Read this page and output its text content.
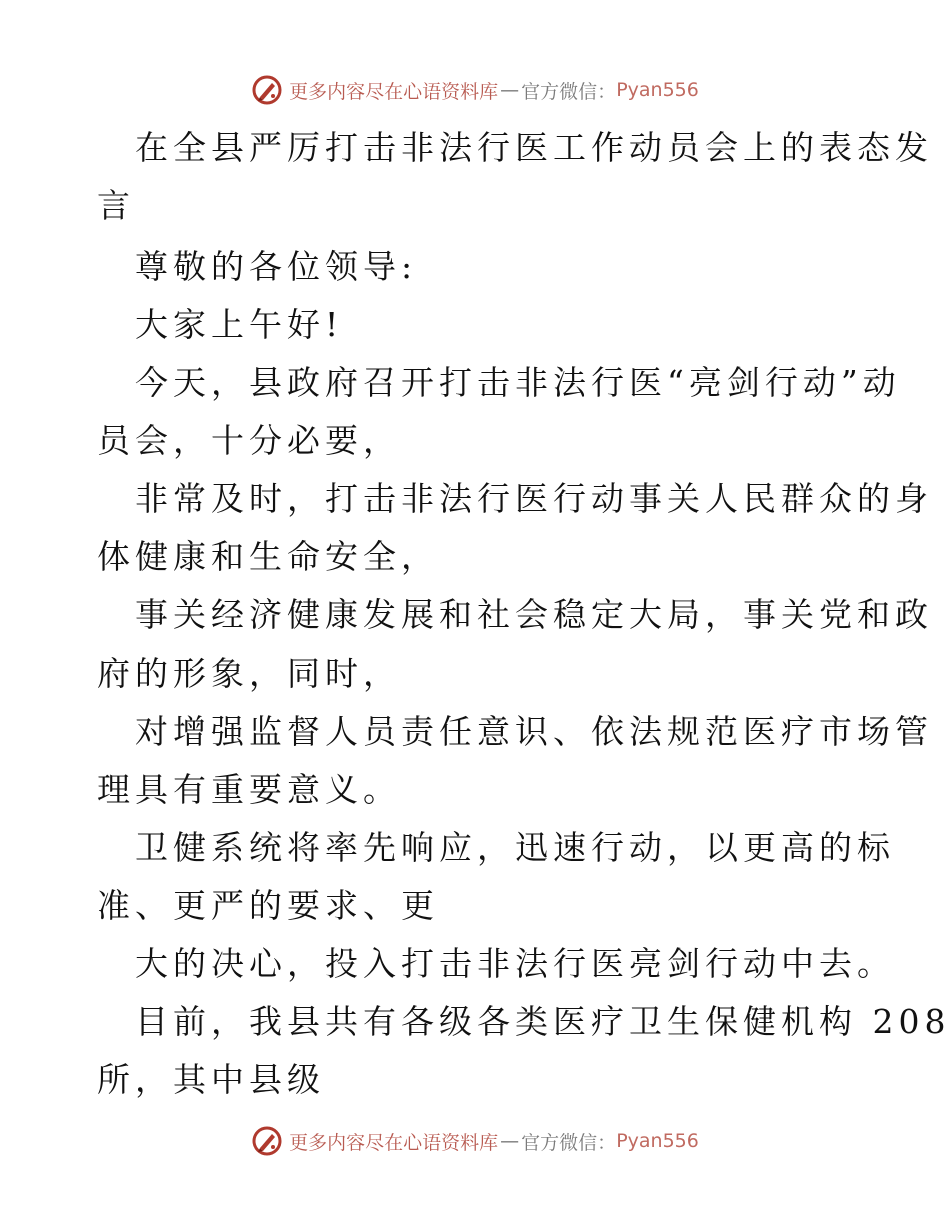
更多内容尽在心语资料库 — 官方微信： Pyan556
在全县严厉打击非法行医工作动员会上的表态发
言
尊敬的各位领导:
大家上午好!
今天，县政府召开打击非法行医“亮剑行动”动
员会，十分必要，
非常及时，打击非法行医行动事关人民群众的身
体健康和生命安全，
事关经济健康发展和社会稳定大局，事关党和政
府的形象，同时，
对增强监督人员责任意识、依法规范医疗市场管
理具有重要意义。
卫健系统将率先响应，迅速行动，以更高的标
准、更严的要求、更
大的决心，投入打击非法行医亮剑行动中去。
目前，我县共有各级各类医疗卫生保健机构 208
所，其中县级
更多内容尽在心语资料库 — 官方微信： Pyan556
